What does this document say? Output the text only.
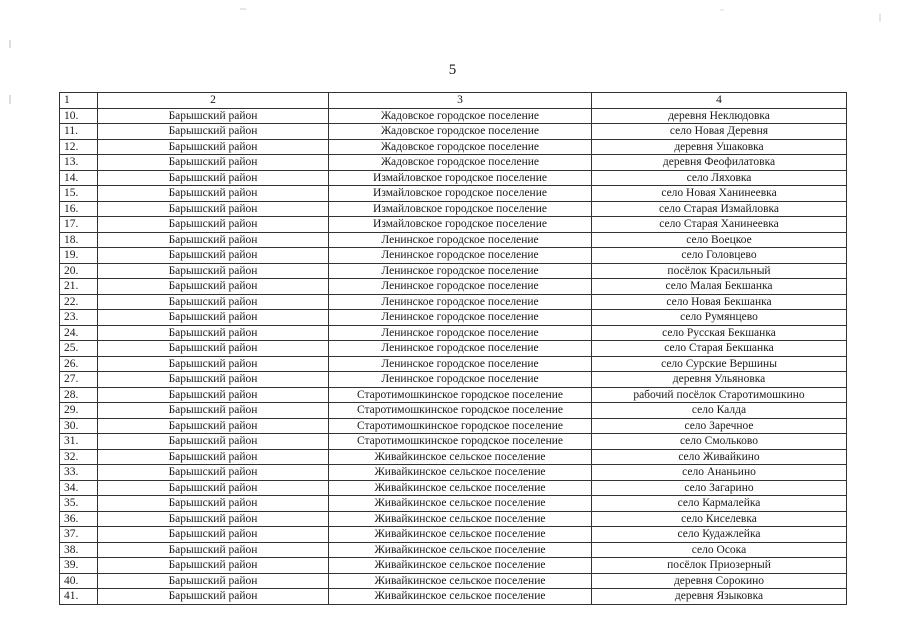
5
1	2	3	4
10.	Барышский район	Жадовское городское поселение	деревня Неклюдовка
11.	Барышский район	Жадовское городское поселение	село Новая Деревня
12.	Барышский район	Жадовское городское поселение	деревня Ушаковка
13.	Барышский район	Жадовское городское поселение	деревня Феофилатовка
14.	Барышский район	Измайловское городское поселение	село Ляховка
15.	Барышский район	Измайловское городское поселение	село Новая Ханинеевка
16.	Барышский район	Измайловское городское поселение	село Старая Измайловка
17.	Барышский район	Измайловское городское поселение	село Старая Ханинеевка
18.	Барышский район	Ленинское городское поселение	село Воецкое
19.	Барышский район	Ленинское городское поселение	село Головцево
20.	Барышский район	Ленинское городское поселение	посёлок Красильный
21.	Барышский район	Ленинское городское поселение	село Малая Бекшанка
22.	Барышский район	Ленинское городское поселение	село Новая Бекшанка
23.	Барышский район	Ленинское городское поселение	село Румянцево
24.	Барышский район	Ленинское городское поселение	село Русская Бекшанка
25.	Барышский район	Ленинское городское поселение	село Старая Бекшанка
26.	Барышский район	Ленинское городское поселение	село Сурские Вершины
27.	Барышский район	Ленинское городское поселение	деревня Ульяновка
28.	Барышский район	Старотимошкинское городское поселение	рабочий посёлок Старотимошкино
29.	Барышский район	Старотимошкинское городское поселение	село Калда
30.	Барышский район	Старотимошкинское городское поселение	село Заречное
31.	Барышский район	Старотимошкинское городское поселение	село Смольково
32.	Барышский район	Живайкинское сельское поселение	село Живайкино
33.	Барышский район	Живайкинское сельское поселение	село Ананьино
34.	Барышский район	Живайкинское сельское поселение	село Загарино
35.	Барышский район	Живайкинское сельское поселение	село Кармалейка
36.	Барышский район	Живайкинское сельское поселение	село Киселевка
37.	Барышский район	Живайкинское сельское поселение	село Кудажлейка
38.	Барышский район	Живайкинское сельское поселение	село Осока
39.	Барышский район	Живайкинское сельское поселение	посёлок Приозерный
40.	Барышский район	Живайкинское сельское поселение	деревня Сорокино
41.	Барышский район	Живайкинское сельское поселение	деревня Языковка
